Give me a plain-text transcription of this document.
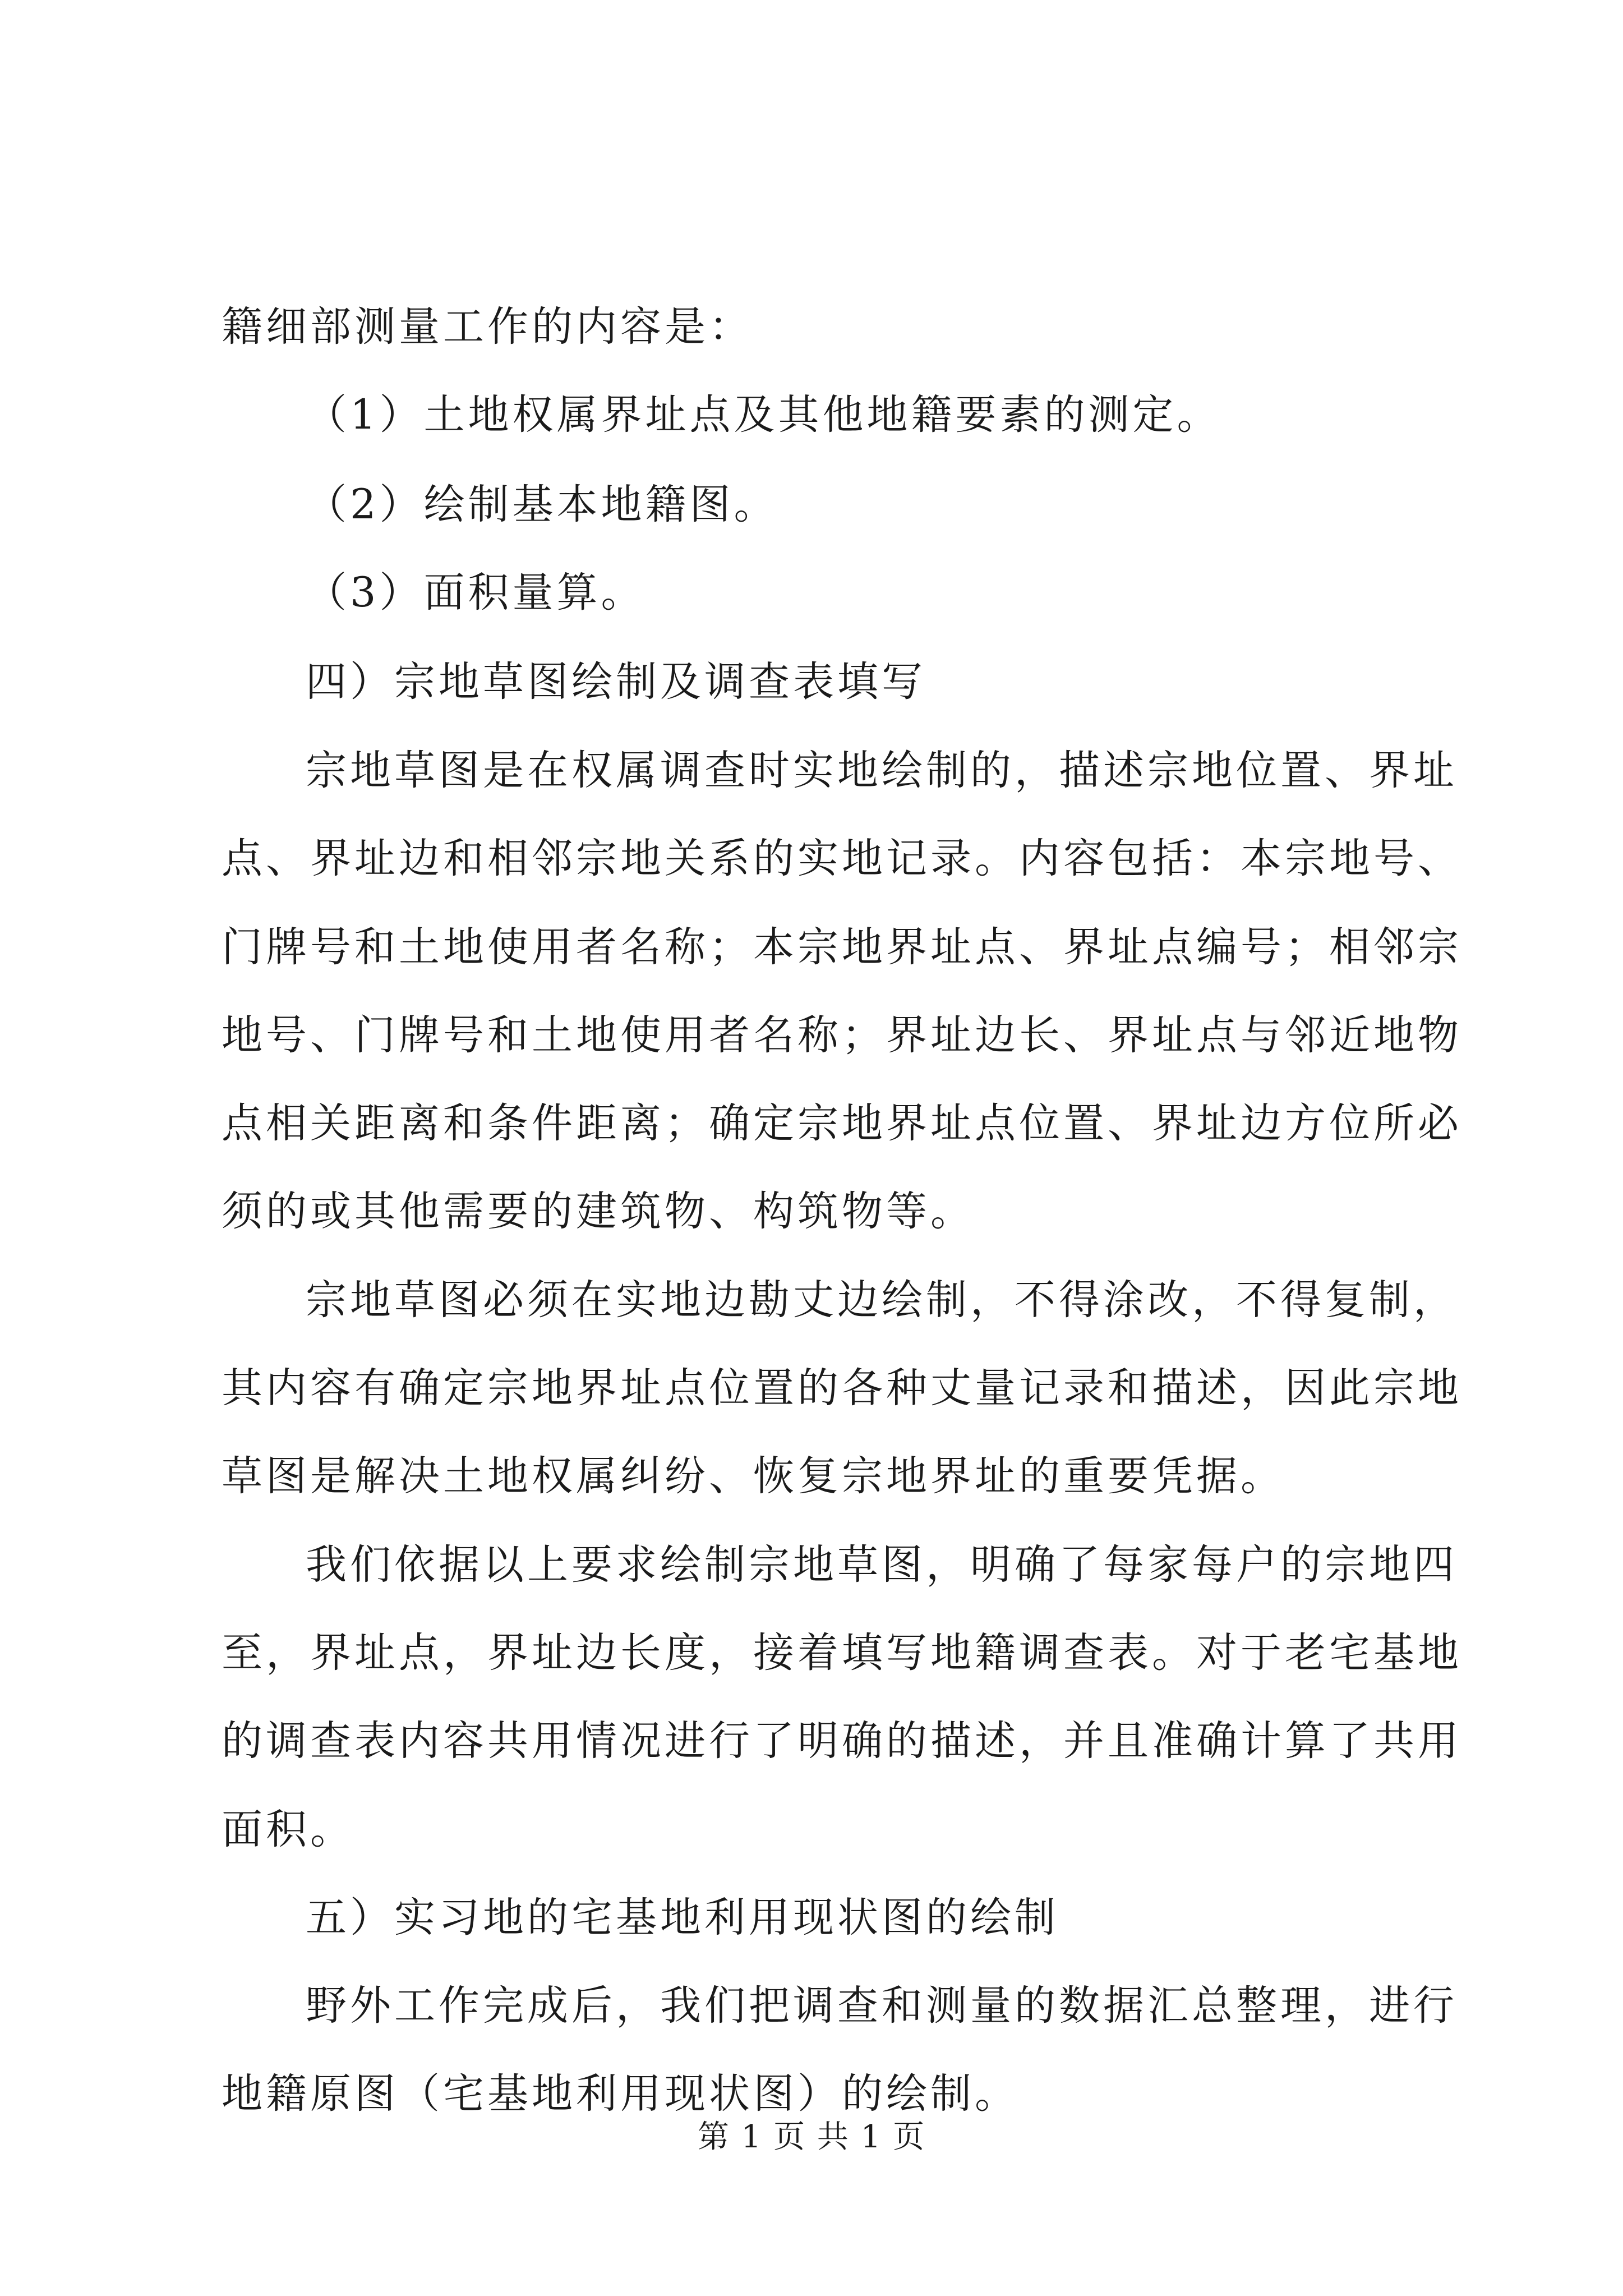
籍细部测量工作的内容是：
（1）土地权属界址点及其他地籍要素的测定。
（2）绘制基本地籍图。
（3）面积量算。
四）宗地草图绘制及调查表填写
宗地草图是在权属调查时实地绘制的，描述宗地位置、界址
点、界址边和相邻宗地关系的实地记录。内容包括：本宗地号、
门牌号和土地使用者名称；本宗地界址点、界址点编号；相邻宗
地号、门牌号和土地使用者名称；界址边长、界址点与邻近地物
点相关距离和条件距离；确定宗地界址点位置、界址边方位所必
须的或其他需要的建筑物、构筑物等。
宗地草图必须在实地边勘丈边绘制，不得涂改，不得复制，
其内容有确定宗地界址点位置的各种丈量记录和描述，因此宗地
草图是解决土地权属纠纷、恢复宗地界址的重要凭据。
我们依据以上要求绘制宗地草图，明确了每家每户的宗地四
至，界址点，界址边长度，接着填写地籍调查表。对于老宅基地
的调查表内容共用情况进行了明确的描述，并且准确计算了共用
面积。
五）实习地的宅基地利用现状图的绘制
野外工作完成后，我们把调查和测量的数据汇总整理，进行
地籍原图（宅基地利用现状图）的绘制。
第 1 页 共 1 页
